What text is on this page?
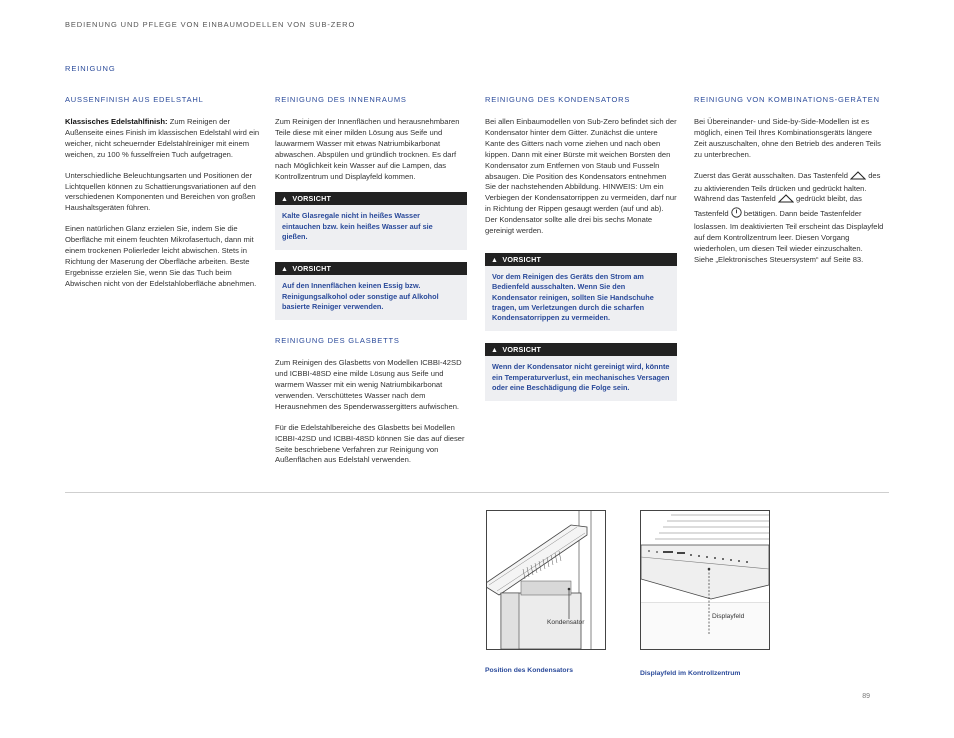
BEDIENUNG UND PFLEGE VON EINBAUMODELLEN VON SUB-ZERO
REINIGUNG
AUSSENFINISH AUS EDELSTAHL

Klassisches Edelstahlfinish: Zum Reinigen der Außenseite eines Finish im klassischen Edelstahl wird ein weicher, nicht scheuernder Edelstahlreiniger mit einem weichen, zu 100 % fusselfreien Tuch aufgetragen.

Unterschiedliche Beleuchtungsarten und Positionen der Lichtquellen können zu Schattierungsvariationen auf den verschiedenen Komponenten und Bereichen von großen Haushaltsgeräten führen.

Einen natürlichen Glanz erzielen Sie, indem Sie die Oberfläche mit einem feuchten Mikrofasertuch, dann mit einem trockenen Polierleder leicht abwischen. Stets in Richtung der Maserung der Oberfläche arbeiten. Beste Ergebnisse erzielen Sie, wenn Sie das Tuch beim Abwischen nicht von der Edelstahloberfläche abnehmen.

REINIGUNG DES INNENRAUMS

Zum Reinigen der Innenflächen und herausnehmbaren Teile diese mit einer milden Lösung aus Seife und lauwarmem Wasser mit etwas Natriumbikarbonat abwaschen. Abspülen und gründlich trocknen. Es darf nach Möglichkeit kein Wasser auf die Lampen, das Kontrollzentrum und Displayfeld kommen.

▲ VORSICHT
Kalte Glasregale nicht in heißes Wasser eintauchen bzw. kein heißes Wasser auf sie gießen.
▲ VORSICHT
Auf den Innenflächen keinen Essig bzw. Reinigungsalkohol oder sonstige auf Alkohol basierte Reiniger verwenden.
REINIGUNG DES GLASBETTS

Zum Reinigen des Glasbetts von Modellen ICBBI-42SD und ICBBI-48SD eine milde Lösung aus Seife und warmem Wasser mit ein wenig Natriumbikarbonat verwenden. Verschüttetes Wasser nach dem Herausnehmen des Spenderwassergitters aufwischen.

Für die Edelstahlbereiche des Glasbetts bei Modellen ICBBI-42SD und ICBBI-48SD können Sie das auf dieser Seite beschriebene Verfahren zur Reinigung von Außenflächen aus Edelstahl verwenden.

REINIGUNG DES KONDENSATORS

Bei allen Einbaumodellen von Sub-Zero befindet sich der Kondensator hinter dem Gitter. Zunächst die untere Kante des Gitters nach vorne ziehen und nach oben kippen. Dann mit einer Bürste mit weichen Borsten den Kondensator zum Entfernen von Staub und Fusseln absaugen. Die Position des Kondensators entnehmen Sie der nachstehenden Abbildung. HINWEIS: Um ein Verbiegen der Kondensatorrippen zu vermeiden, darf nur in Richtung der Rippen gesaugt werden (auf und ab). Der Kondensator sollte alle drei bis sechs Monate gereinigt werden.

▲ VORSICHT
Vor dem Reinigen des Geräts den Strom am Bedienfeld ausschalten. Wenn Sie den Kondensator reinigen, sollten Sie Handschuhe tragen, um Verletzungen durch die scharfen Kondensatorrippen zu vermeiden.
▲ VORSICHT
Wenn der Kondensator nicht gereinigt wird, könnte ein Temperaturverlust, ein mechanisches Versagen oder eine Beschädigung die Folge sein.
REINIGUNG VON KOMBINATIONS-GERÄTEN

Bei Übereinander- und Side-by-Side-Modellen ist es möglich, einen Teil Ihres Kombinationsgeräts längere Zeit auszuschalten, ohne den Betrieb des anderen Teils zu unterbrechen.

Zuerst das Gerät ausschalten. Das Tastenfeld	des zu aktivierenden Teils drücken und gedrückt halten. Während das Tastenfeld	gedrückt bleibt, das Tastenfeld betätigen. Dann beide Tastenfelder loslassen. Im deaktivierten Teil erscheint das Displayfeld auf dem Kontrollzentrum leer. Diesen Vorgang wiederholen, um diesen Teil wieder einzuschalten. Siehe „Elektronisches Steuersystem“ auf Seite 83.

Kondensator
Position des Kondensators
Displayfeld
Displayfeld im Kontrollzentrum
89
